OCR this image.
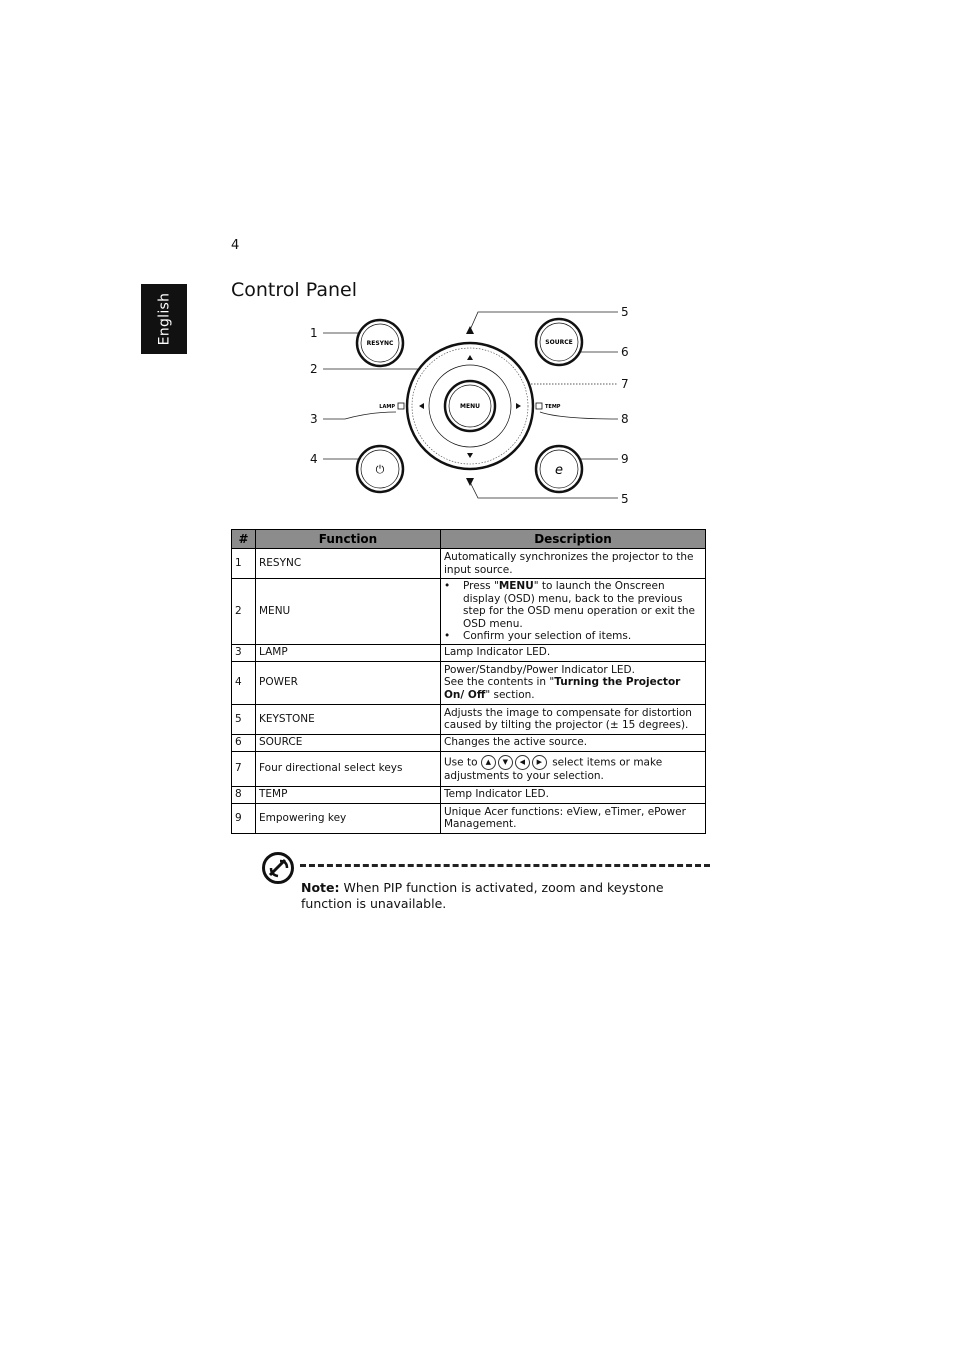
4
English
Control Panel
1
2
3
4
5
6
7
8
9
5
RESYNC	SOURCE
⏻	e
MENU
LAMP	TEMP
#	Function	Description
1	RESYNC	Automatically synchronizes the projector to the input source.
2	MENU	• Press "MENU" to launch the Onscreen display (OSD) menu, back to the previous step for the OSD menu operation or exit the OSD menu.
• Confirm your selection of items.

3	LAMP	Lamp Indicator LED.
4	POWER	Power/Standby/Power Indicator LED.
See the contents in "Turning the Projector On/ Off" section.

5	KEYSTONE	Adjusts the image to compensate for distortion caused by tilting the projector (± 15 degrees).
6	SOURCE	Changes the active source.
7	Four directional select keys	Use to ▲ ▼ ◀ ▶ select items or make adjustments to your selection.
8	TEMP	Temp Indicator LED.
9	Empowering key	Unique Acer functions: eView, eTimer, ePower Management.
Note: When PIP function is activated, zoom and keystone function is unavailable.
